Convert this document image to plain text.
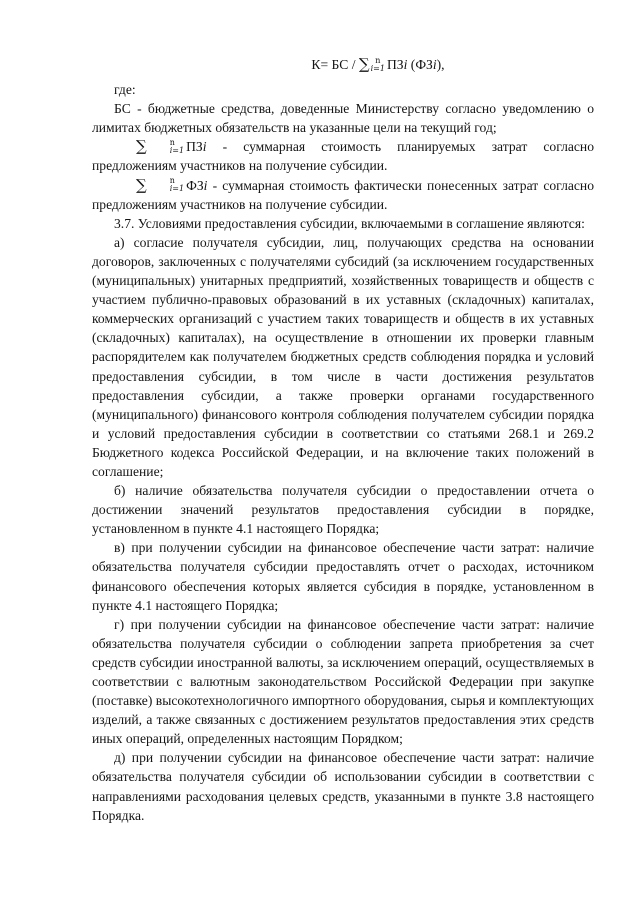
К= БС / ∑ n
i=1 ПЗi (ФЗi),

где:

БС - бюджетные средства, доведенные Министерству согласно уведомлению о лимитах бюджетных обязательств на указанные цели на текущий год;

∑	n
i=1 ПЗi - суммарная стоимость планируемых затрат согласно предложениям участников на получение субсидии.

∑	n
i=1 ФЗi - суммарная стоимость фактически понесенных затрат согласно предложениям участников на получение субсидии.

3.7. Условиями предоставления субсидии, включаемыми в соглашение являются:

а) согласие получателя субсидии, лиц, получающих средства на основании договоров, заключенных с получателями субсидий (за исключением государственных (муниципальных) унитарных предприятий, хозяйственных товариществ и обществ с участием публично-правовых образований в их уставных (складочных) капиталах, коммерческих организаций с участием таких товариществ и обществ в их уставных (складочных) капиталах), на осуществление в отношении их проверки главным распорядителем как получателем бюджетных средств соблюдения порядка и условий предоставления субсидии, в том числе в части достижения результатов предоставления субсидии, а также проверки органами государственного (муниципального) финансового контроля соблюдения получателем субсидии порядка и условий предоставления субсидии в соответствии со статьями 268.1 и 269.2 Бюджетного кодекса Российской Федерации, и на включение таких положений в соглашение;

б) наличие обязательства получателя субсидии о предоставлении отчета о достижении значений результатов предоставления субсидии в порядке, установленном в пункте 4.1 настоящего Порядка;

в) при получении субсидии на финансовое обеспечение части затрат: наличие обязательства получателя субсидии предоставлять отчет о расходах, источником финансового обеспечения которых является субсидия в порядке, установленном в пункте 4.1 настоящего Порядка;

г) при получении субсидии на финансовое обеспечение части затрат: наличие обязательства получателя субсидии о соблюдении запрета приобретения за счет средств субсидии иностранной валюты, за исключением операций, осуществляемых в соответствии с валютным законодательством Российской Федерации при закупке (поставке) высокотехнологичного импортного оборудования, сырья и комплектующих изделий, а также связанных с достижением результатов предоставления этих средств иных операций, определенных настоящим Порядком;

д) при получении субсидии на финансовое обеспечение части затрат: наличие обязательства получателя субсидии об использовании субсидии в соответствии с направлениями расходования целевых средств, указанными в пункте 3.8 настоящего Порядка.
